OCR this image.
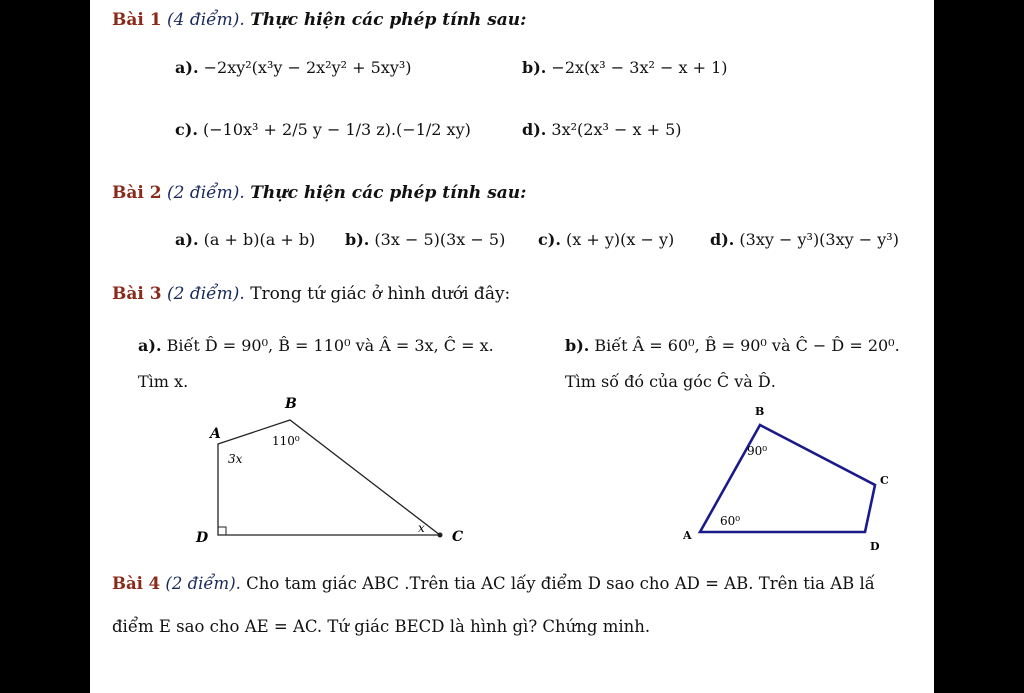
Bài 1 (4 điểm). Thực hiện các phép tính sau:
a). −2xy²(x³y − 2x²y² + 5xy³)	b). −2x(x³ − 3x² − x + 1)
c). (−10x³ + 2/5 y − 1/3 z).(−1/2 xy)	d). 3x²(2x³ − x + 5)
Bài 2 (2 điểm). Thực hiện các phép tính sau:
a). (a + b)(a + b) b). (3x − 5)(3x − 5) c). (x + y)(x − y) d). (3xy − y³)(3xy − y³)
Bài 3 (2 điểm). Trong tứ giác ở hình dưới đây:
a). Biết D̂ = 90⁰, B̂ = 110⁰ và Â = 3x, Ĉ = x.
Tìm x.
b). Biết Â = 60⁰, B̂ = 90⁰ và Ĉ − D̂ = 20⁰.
Tìm số đó của góc Ĉ và D̂.
A
B
C
D
3x
110⁰
x
A
B
C
D
60⁰
90⁰
Bài 4 (2 điểm). Cho tam giác ABC .Trên tia AC lấy điểm D sao cho AD = AB. Trên tia AB lấ
điểm E sao cho AE = AC. Tứ giác BECD là hình gì? Chứng minh.
